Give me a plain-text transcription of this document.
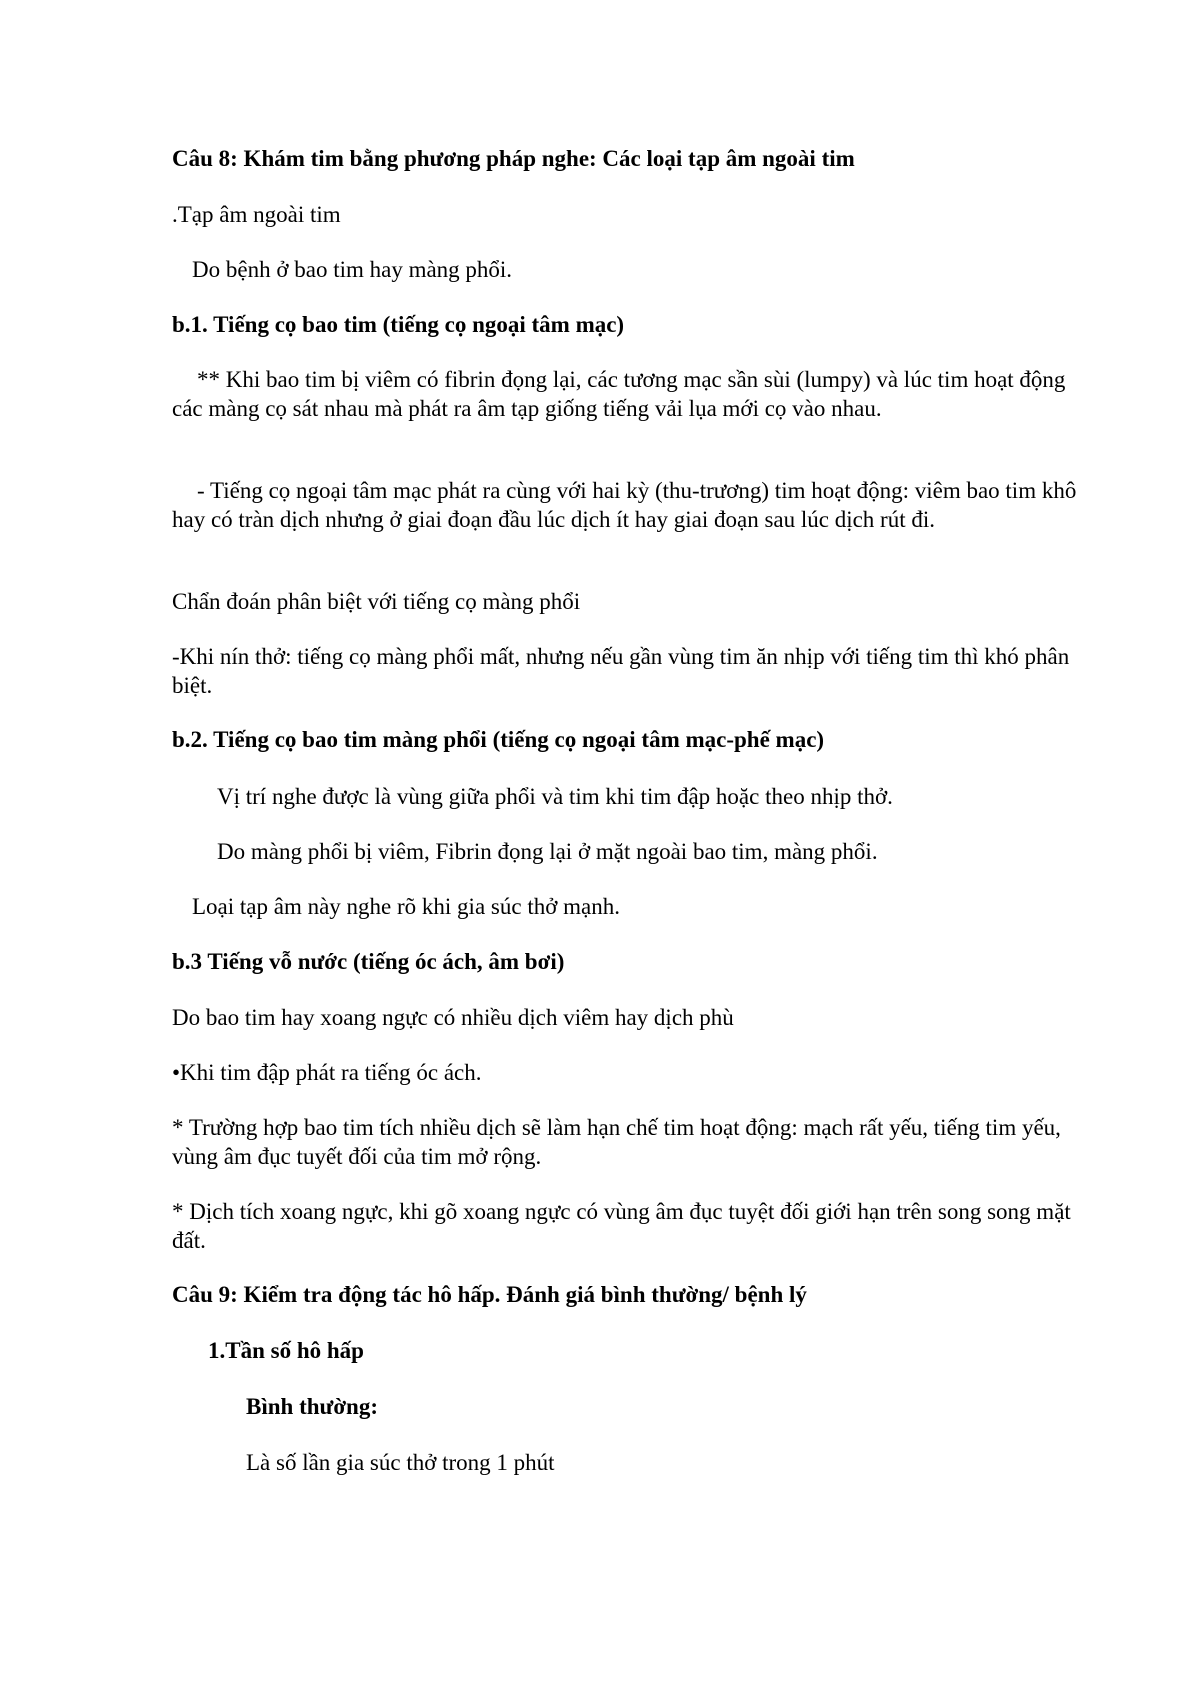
Câu 8: Khám tim bằng phương pháp nghe: Các loại tạp âm ngoài tim
.Tạp âm ngoài tim
Do bệnh ở bao tim hay màng phổi.
b.1. Tiếng cọ bao tim (tiếng cọ ngoại tâm mạc)
** Khi bao tim bị viêm có fibrin đọng lại, các tương mạc sần sùi (lumpy) và lúc tim hoạt động các màng cọ sát nhau mà phát ra âm tạp giống tiếng vải lụa mới cọ vào nhau.
- Tiếng cọ ngoại tâm mạc phát ra cùng với hai kỳ (thu-trương) tim hoạt động: viêm bao tim khô hay có tràn dịch nhưng ở giai đoạn đầu lúc dịch ít hay giai đoạn sau lúc dịch rút đi.
Chẩn đoán phân biệt với tiếng cọ màng phổi
-Khi nín thở: tiếng cọ màng phổi mất, nhưng nếu gần vùng tim ăn nhịp với tiếng tim thì khó phân biệt.
b.2. Tiếng cọ bao tim màng phổi (tiếng cọ ngoại tâm mạc-phế mạc)
Vị trí nghe được là vùng giữa phổi và tim khi tim đập hoặc theo nhịp thở.
Do màng phổi bị viêm, Fibrin đọng lại ở mặt ngoài bao tim, màng phổi.
Loại tạp âm này nghe rõ khi gia súc thở mạnh.
b.3 Tiếng vỗ nước (tiếng óc ách, âm bơi)
Do bao tim hay xoang ngực có nhiều dịch viêm hay dịch phù
•Khi tim đập phát ra tiếng óc ách.
* Trường hợp bao tim tích nhiều dịch sẽ làm hạn chế tim hoạt động: mạch rất yếu, tiếng tim yếu, vùng âm đục tuyết đối của tim mở rộng.
* Dịch tích xoang ngực, khi gõ xoang ngực có vùng âm đục tuyệt đối giới hạn trên song song mặt đất.
Câu 9: Kiểm tra động tác hô hấp. Đánh giá bình thường/ bệnh lý
1.Tần số hô hấp
Bình thường:
Là số lần gia súc thở trong 1 phút
